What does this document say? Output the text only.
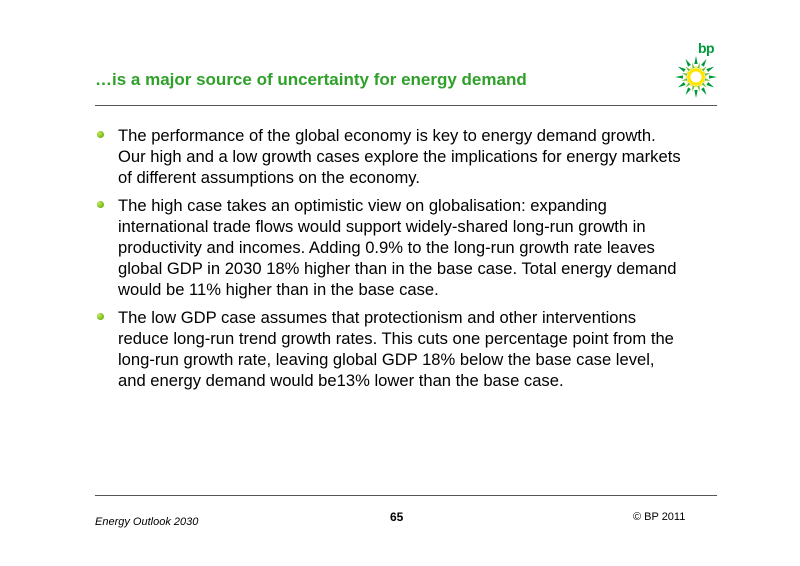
bp
…is a major source of uncertainty for energy demand
The performance of the global economy is key to energy demand growth. Our high and a low growth cases explore the implications for energy markets of different assumptions on the economy.
The high case takes an optimistic view on globalisation: expanding international trade flows would support widely-shared long-run growth in productivity and incomes. Adding 0.9% to the long-run growth rate leaves global GDP in 2030 18% higher than in the base case. Total energy demand would be 11% higher than in the base case.
The low GDP case assumes that protectionism and other interventions reduce long-run trend growth rates. This cuts one percentage point from the long-run growth rate, leaving global GDP 18% below the base case level, and energy demand would be13% lower than the base case.
Energy Outlook 2030	65	© BP 2011
